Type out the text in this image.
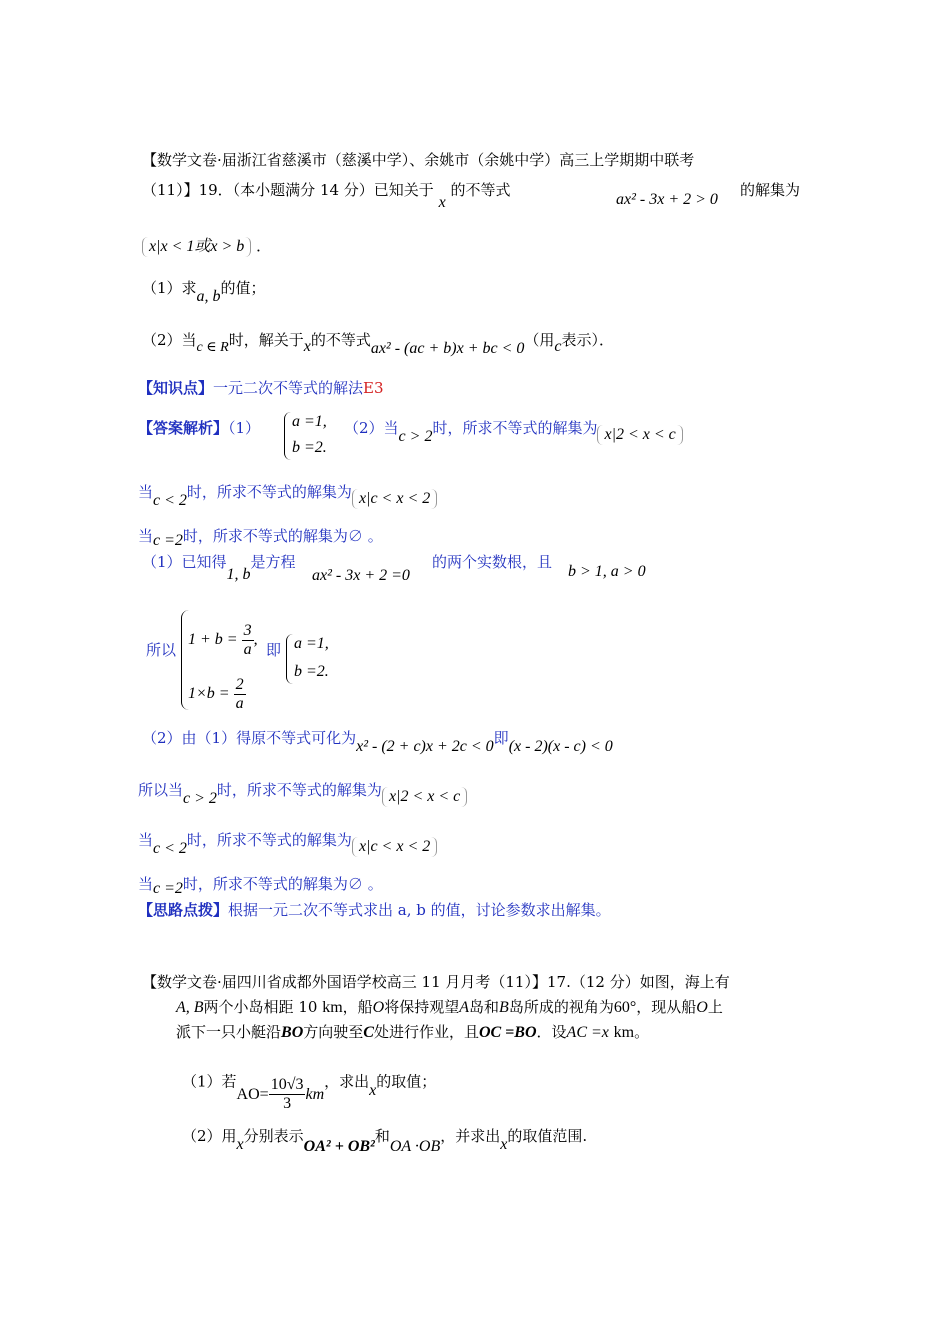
【数学文卷·届浙江省慈溪市（慈溪中学）、余姚市（余姚中学）高三上学期期中联考
（11）】19．（本小题满分 14 分）已知关于 x 的不等式
ax² - 3x + 2 > 0
的解集为
x|x < 1或x > b ．
（1）求a, b的值；
（2）当c ∈ R时，解关于x的不等式ax² - (ac + b)x + bc < 0（用c表示）．
【知识点】一元二次不等式的解法E3
【答案解析】（1） a =1,
b =2.
（2）当c > 2时，所求不等式的解集为 x|2 < x < c
当c < 2时，所求不等式的解集为 x|c < x < 2
当c =2时，所求不等式的解集为∅ 。
（1）已知得1, b是方程
ax² - 3x + 2 =0
的两个实数根，且
b > 1, a > 0
所以
$1 + b = \frac{3}{a}$ ,
$1\times b = \frac{2}{a}$
即 a =1,
b =2.
（2）由（1）得原不等式可化为x² - (2 + c)x + 2c < 0即(x - 2)(x - c) < 0
所以当c > 2时，所求不等式的解集为 x|2 < x < c
当c < 2时，所求不等式的解集为 x|c < x < 2
当c =2时，所求不等式的解集为∅ 。
【思路点拨】根据一元二次不等式求出 a, b 的值，讨论参数求出解集。
【数学文卷·届四川省成都外国语学校高三 11 月月考（11）】17.（12 分）如图，海上有
A, B两个小岛相距 10 km，船O将保持观望A岛和B岛所成的视角为60°，现从船O上
派下一只小艇沿BO方向驶至C处进行作业，且OC =BO．设AC =x km。
（1）若$AO= \frac{10√3}{3}$ km，求出x的取值；
（2）用x分别表示OA² + OB²和OA ·OB，并求出x的取值范围.
